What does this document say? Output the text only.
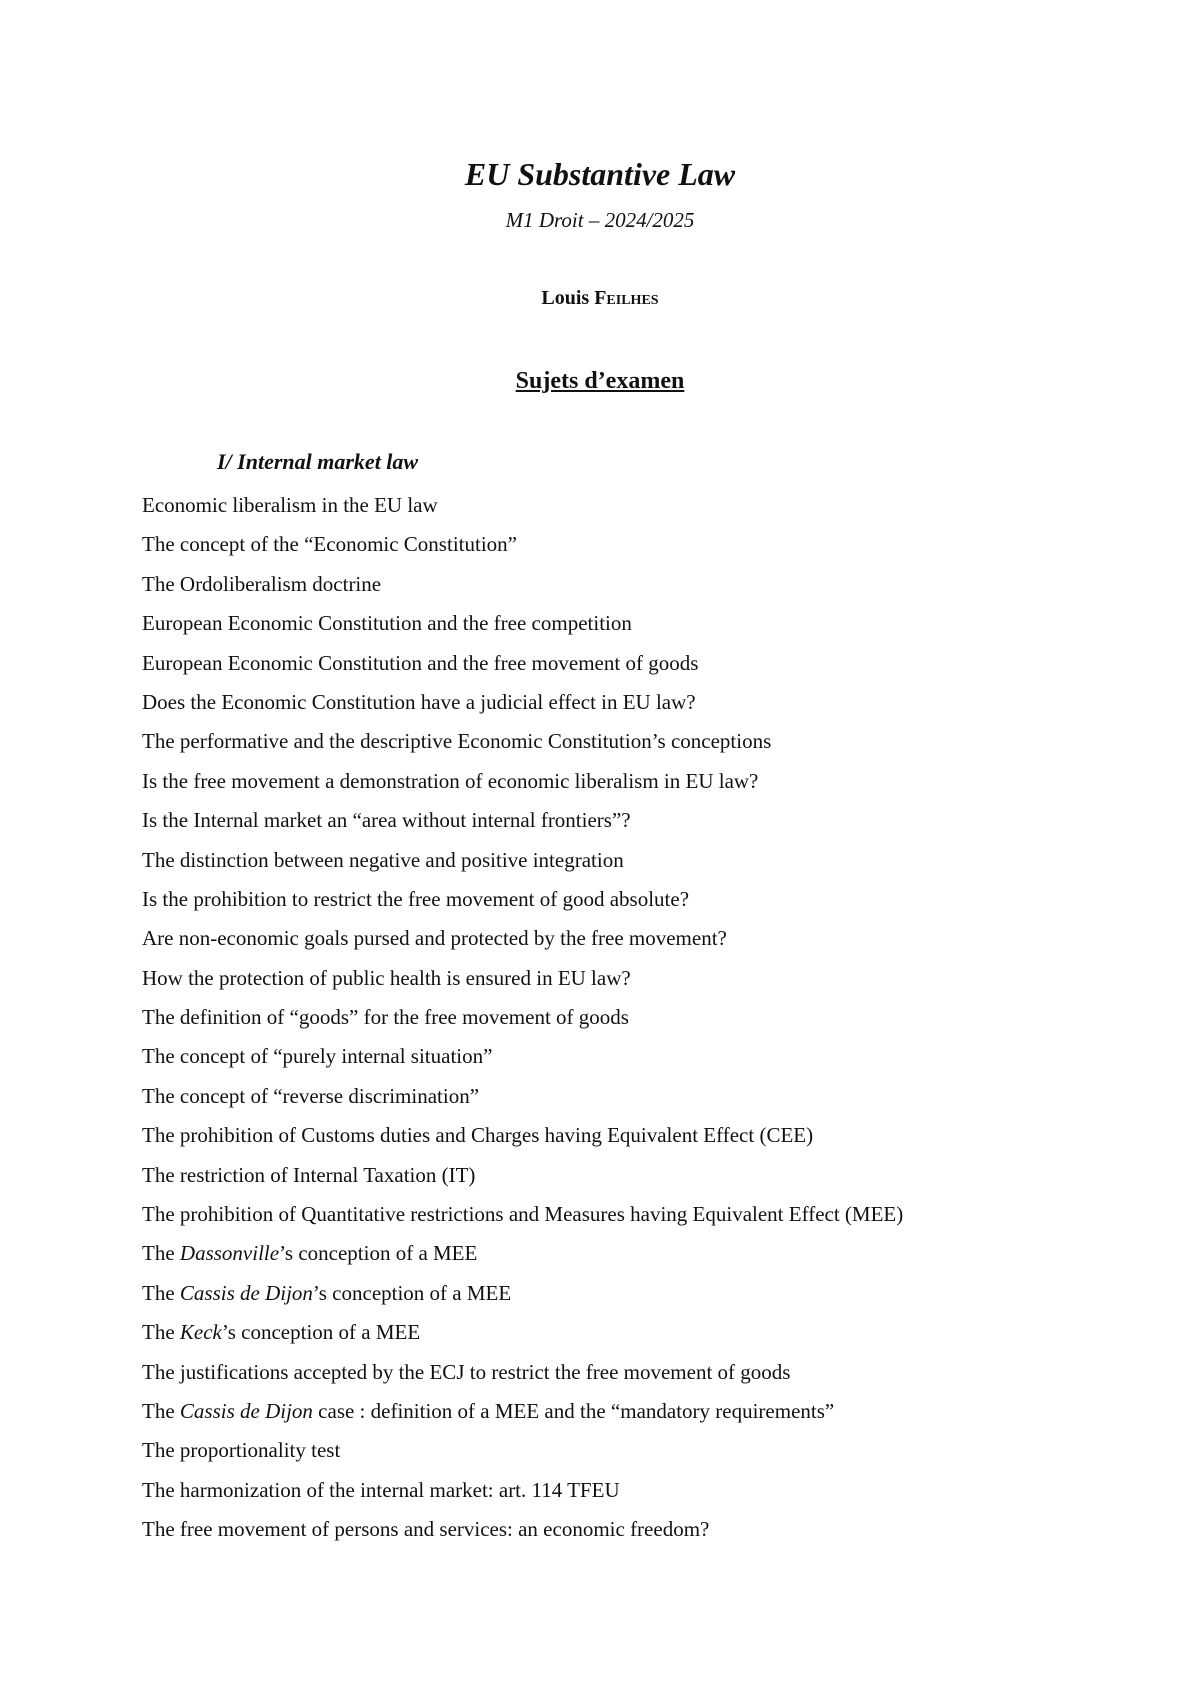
EU Substantive Law
M1 Droit – 2024/2025
Louis Feilhes
Sujets d’examen
I/ Internal market law
Economic liberalism in the EU law
The concept of the “Economic Constitution”
The Ordoliberalism doctrine
European Economic Constitution and the free competition
European Economic Constitution and the free movement of goods
Does the Economic Constitution have a judicial effect in EU law?
The performative and the descriptive Economic Constitution’s conceptions
Is the free movement a demonstration of economic liberalism in EU law?
Is the Internal market an “area without internal frontiers”?
The distinction between negative and positive integration
Is the prohibition to restrict the free movement of good absolute?
Are non-economic goals pursed and protected by the free movement?
How the protection of public health is ensured in EU law?
The definition of “goods” for the free movement of goods
The concept of “purely internal situation”
The concept of “reverse discrimination”
The prohibition of Customs duties and Charges having Equivalent Effect (CEE)
The restriction of Internal Taxation (IT)
The prohibition of Quantitative restrictions and Measures having Equivalent Effect (MEE)
The Dassonville’s conception of a MEE
The Cassis de Dijon’s conception of a MEE
The Keck’s conception of a MEE
The justifications accepted by the ECJ to restrict the free movement of goods
The Cassis de Dijon case : definition of a MEE and the “mandatory requirements”
The proportionality test
The harmonization of the internal market: art. 114 TFEU
The free movement of persons and services: an economic freedom?
